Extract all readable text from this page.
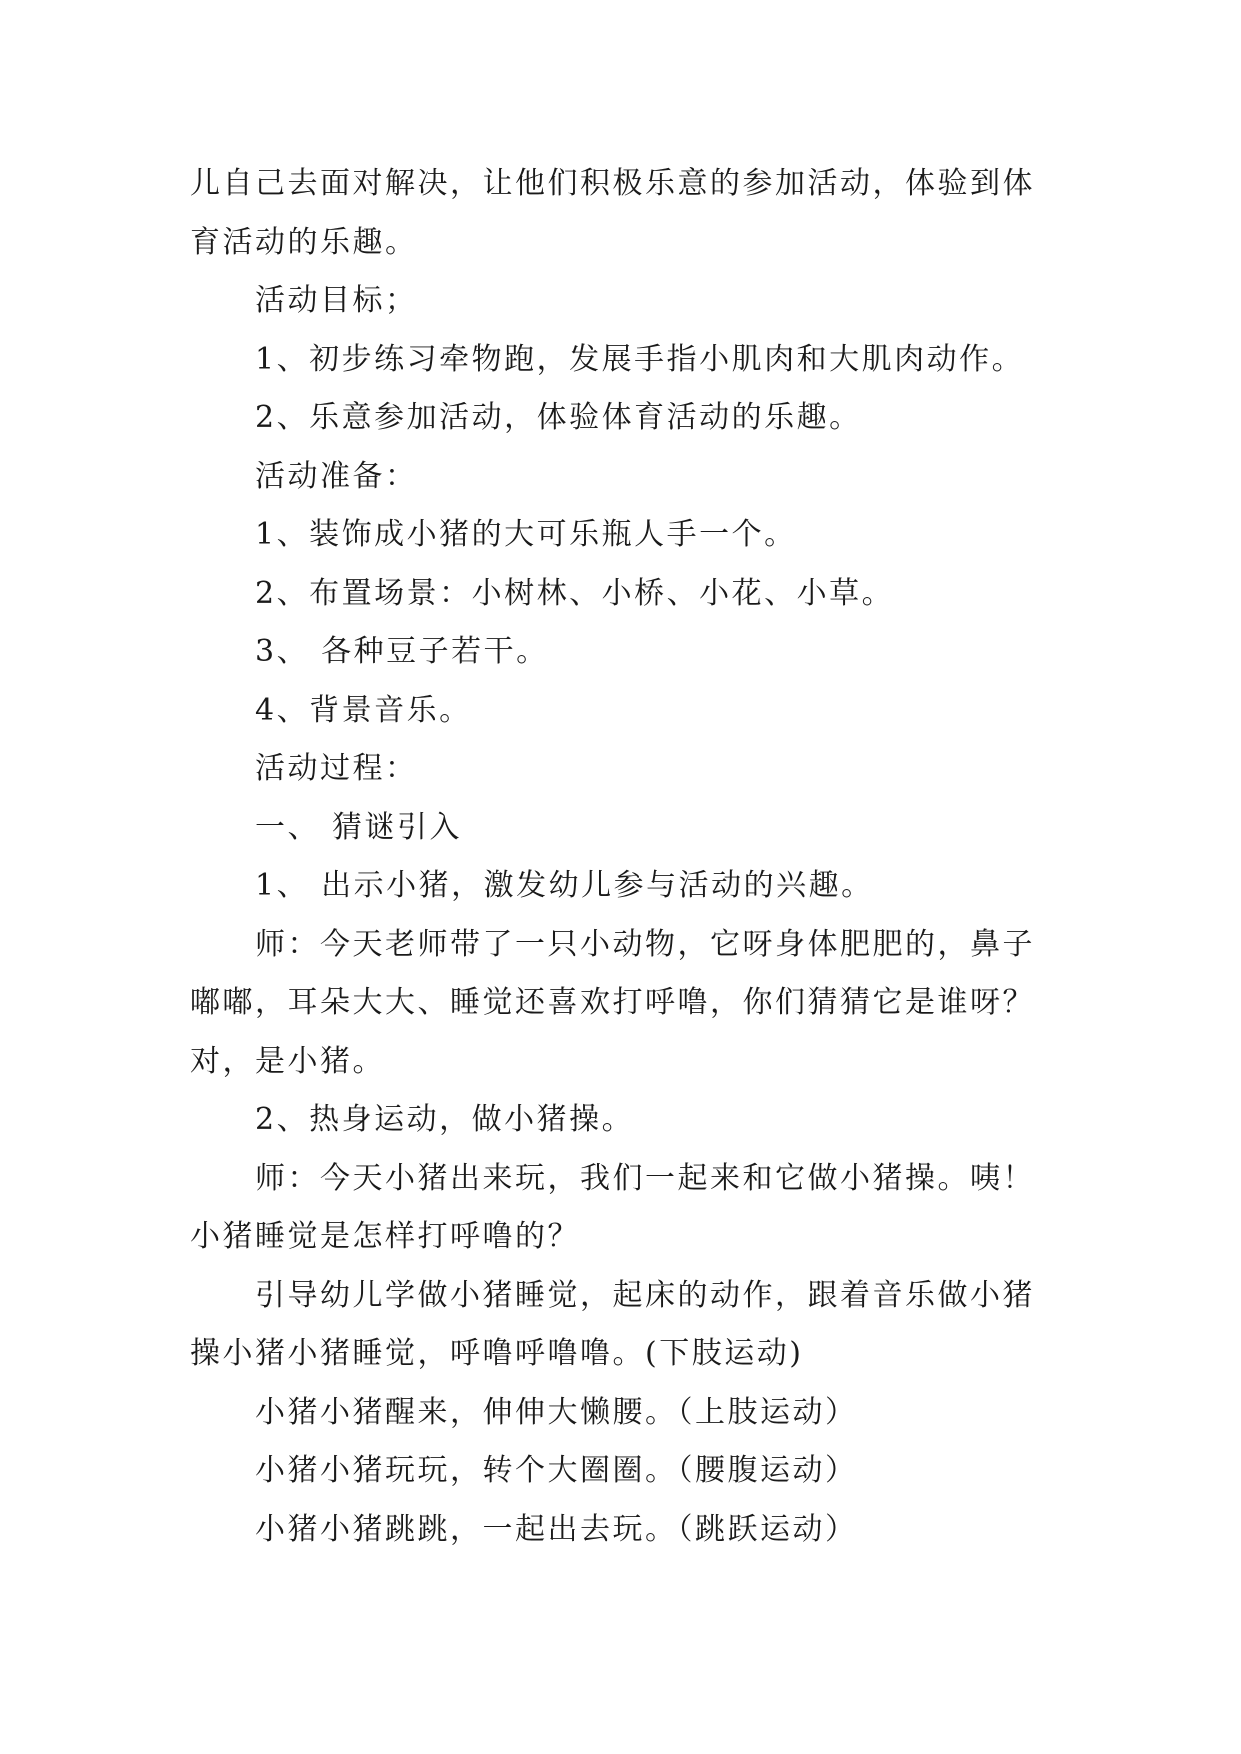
儿自己去面对解决，让他们积极乐意的参加活动，体验到体育活动的乐趣。

活动目标；

1、初步练习牵物跑，发展手指小肌肉和大肌肉动作。

2、乐意参加活动，体验体育活动的乐趣。

活动准备：

1、装饰成小猪的大可乐瓶人手一个。

2、布置场景：小树林、小桥、小花、小草。

3、 各种豆子若干。

4、背景音乐。

活动过程：

一、 猜谜引入

1、 出示小猪，激发幼儿参与活动的兴趣。

师：今天老师带了一只小动物，它呀身体肥肥的，鼻子嘟嘟，耳朵大大、睡觉还喜欢打呼噜，你们猜猜它是谁呀？对，是小猪。

2、热身运动，做小猪操。

师：今天小猪出来玩，我们一起来和它做小猪操。咦！小猪睡觉是怎样打呼噜的？

引导幼儿学做小猪睡觉，起床的动作，跟着音乐做小猪操小猪小猪睡觉，呼噜呼噜噜。(下肢运动)

小猪小猪醒来，伸伸大懒腰。（上肢运动）

小猪小猪玩玩，转个大圈圈。（腰腹运动）

小猪小猪跳跳，一起出去玩。（跳跃运动）
